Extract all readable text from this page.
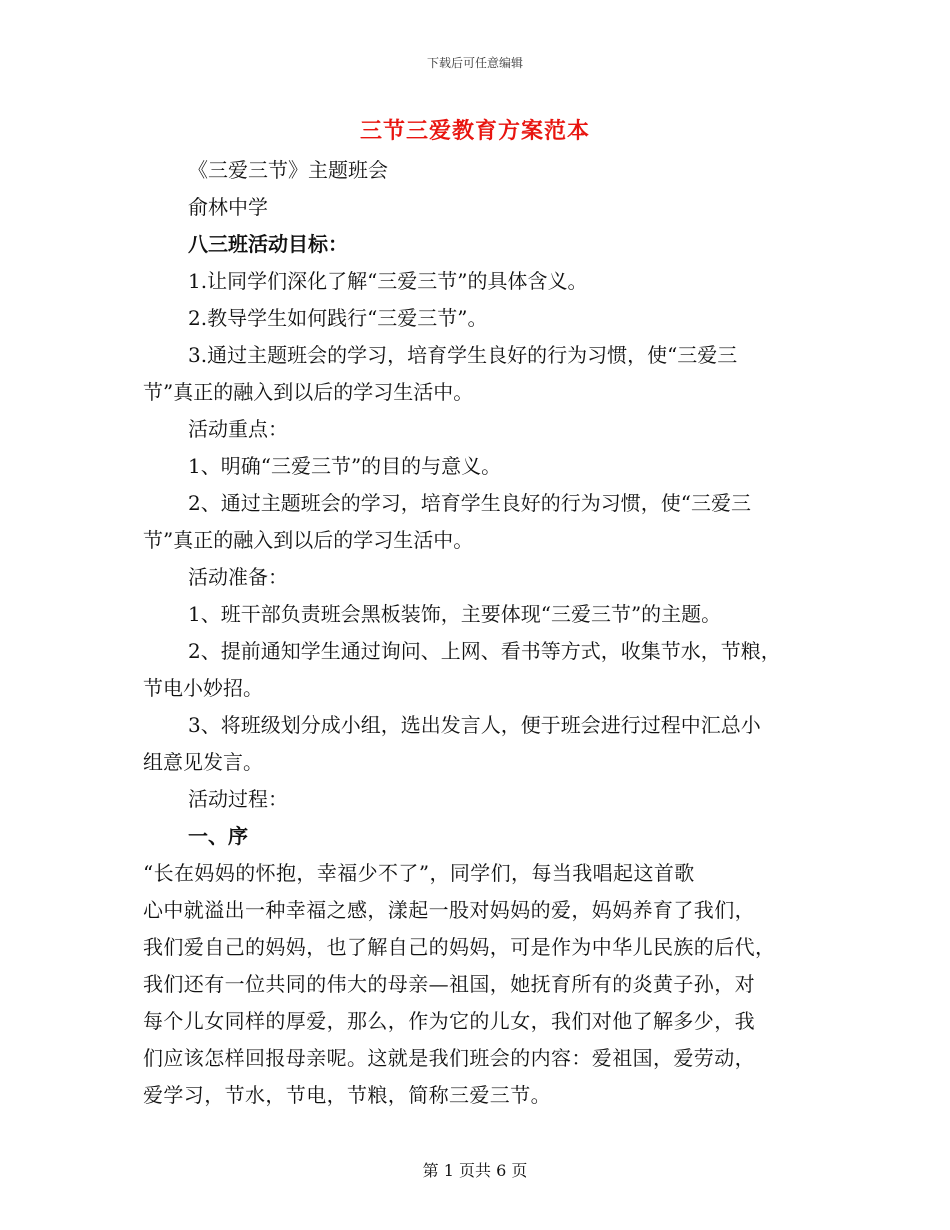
下载后可任意编辑
三节三爱教育方案范本

《三爱三节》主题班会

俞林中学

八三班活动目标：

1.让同学们深化了解“三爱三节”的具体含义。

2.教导学生如何践行“三爱三节”。

3.通过主题班会的学习，培育学生良好的行为习惯，使“三爱三

节”真正的融入到以后的学习生活中。

活动重点：

1、明确“三爱三节”的目的与意义。

2、通过主题班会的学习，培育学生良好的行为习惯，使“三爱三

节”真正的融入到以后的学习生活中。

活动准备：

1、班干部负责班会黑板装饰，主要体现“三爱三节”的主题。

2、提前通知学生通过询问、上网、看书等方式，收集节水，节粮，

节电小妙招。

3、将班级划分成小组，选出发言人，便于班会进行过程中汇总小

组意见发言。

活动过程：

一、序

“长在妈妈的怀抱，幸福少不了”，同学们，每当我唱起这首歌

心中就溢出一种幸福之感，漾起一股对妈妈的爱，妈妈养育了我们，

我们爱自己的妈妈，也了解自己的妈妈，可是作为中华儿民族的后代，

我们还有一位共同的伟大的母亲—祖国，她抚育所有的炎黄子孙，对

每个儿女同样的厚爱，那么，作为它的儿女，我们对他了解多少，我

们应该怎样回报母亲呢。这就是我们班会的内容：爱祖国，爱劳动，

爱学习，节水，节电，节粮，简称三爱三节。

第 1 页共 6 页
